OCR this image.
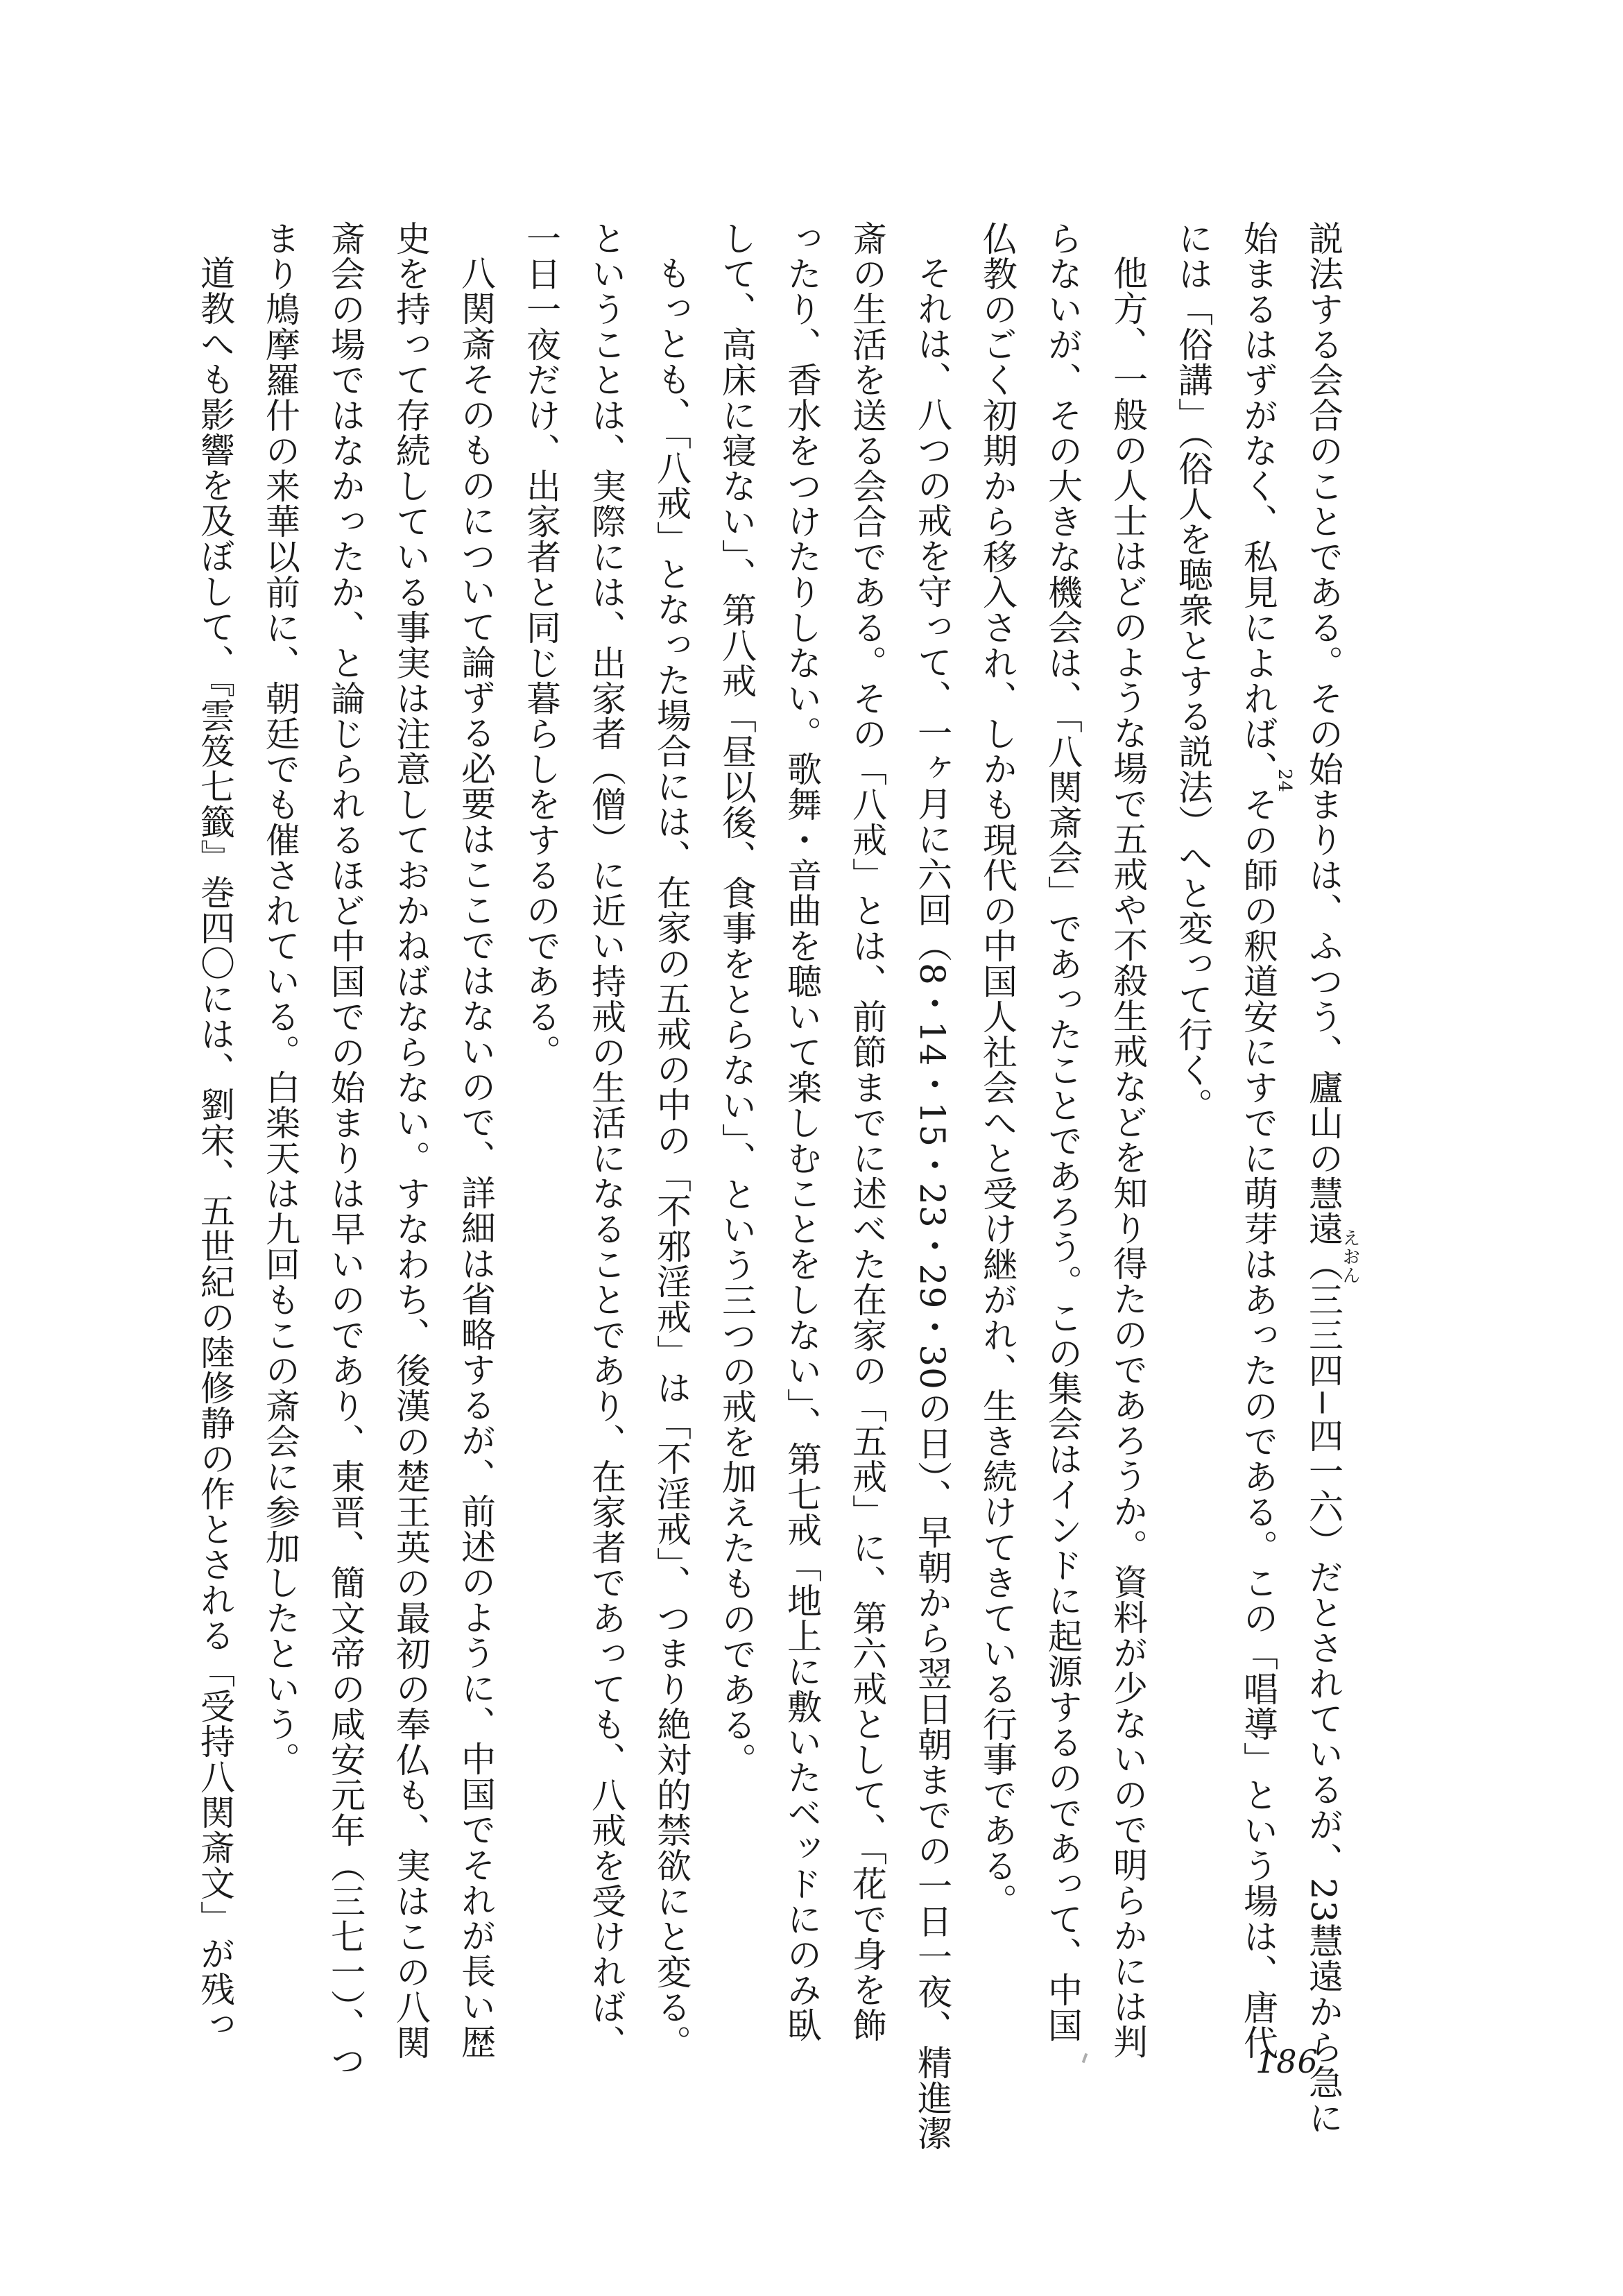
説法する会合のことである。その始まりは、ふつう、廬山の慧遠えおん（三三四−四一六）だとされているが、23慧遠から急に
始まるはずがなく、私見によれば、24その師の釈道安にすでに萌芽はあったのである。この「唱導」という場は、唐代
には「俗講」（俗人を聴衆とする説法）へと変って行く。
他方、一般の人士はどのような場で五戒や不殺生戒などを知り得たのであろうか。資料が少ないので明らかには判
らないが、その大きな機会は、「八関斎会」であったことであろう。この集会はインドに起源するのであって、中国
仏教のごく初期から移入され、しかも現代の中国人社会へと受け継がれ、生き続けてきている行事である。
それは、八つの戒を守って、一ヶ月に六回（8・14・15・23・29・30の日）、早朝から翌日朝までの一日一夜、精進潔
斎の生活を送る会合である。その「八戒」とは、前節までに述べた在家の「五戒」に、第六戒として、「花で身を飾
ったり、香水をつけたりしない。歌舞・音曲を聴いて楽しむことをしない」、第七戒「地上に敷いたベッドにのみ臥
して、高床に寝ない」、第八戒「昼以後、食事をとらない」、という三つの戒を加えたものである。
もっとも、「八戒」となった場合には、在家の五戒の中の「不邪淫戒」は「不淫戒」、つまり絶対的禁欲にと変る。
ということは、実際には、出家者（僧）に近い持戒の生活になることであり、在家者であっても、八戒を受ければ、
一日一夜だけ、出家者と同じ暮らしをするのである。
八関斎そのものについて論ずる必要はここではないので、詳細は省略するが、前述のように、中国でそれが長い歴
史を持って存続している事実は注意しておかねばならない。すなわち、後漢の楚王英の最初の奉仏も、実はこの八関
斎会の場ではなかったか、と論じられるほど中国での始まりは早いのであり、東晋、簡文帝の咸安元年（三七一）、つ
まり鳩摩羅什の来華以前に、朝廷でも催されている。白楽天は九回もこの斎会に参加したという。
道教へも影響を及ぼして、『雲笈七籤』巻四〇には、劉宋、五世紀の陸修静の作とされる「受持八関斎文」が残っ
186
